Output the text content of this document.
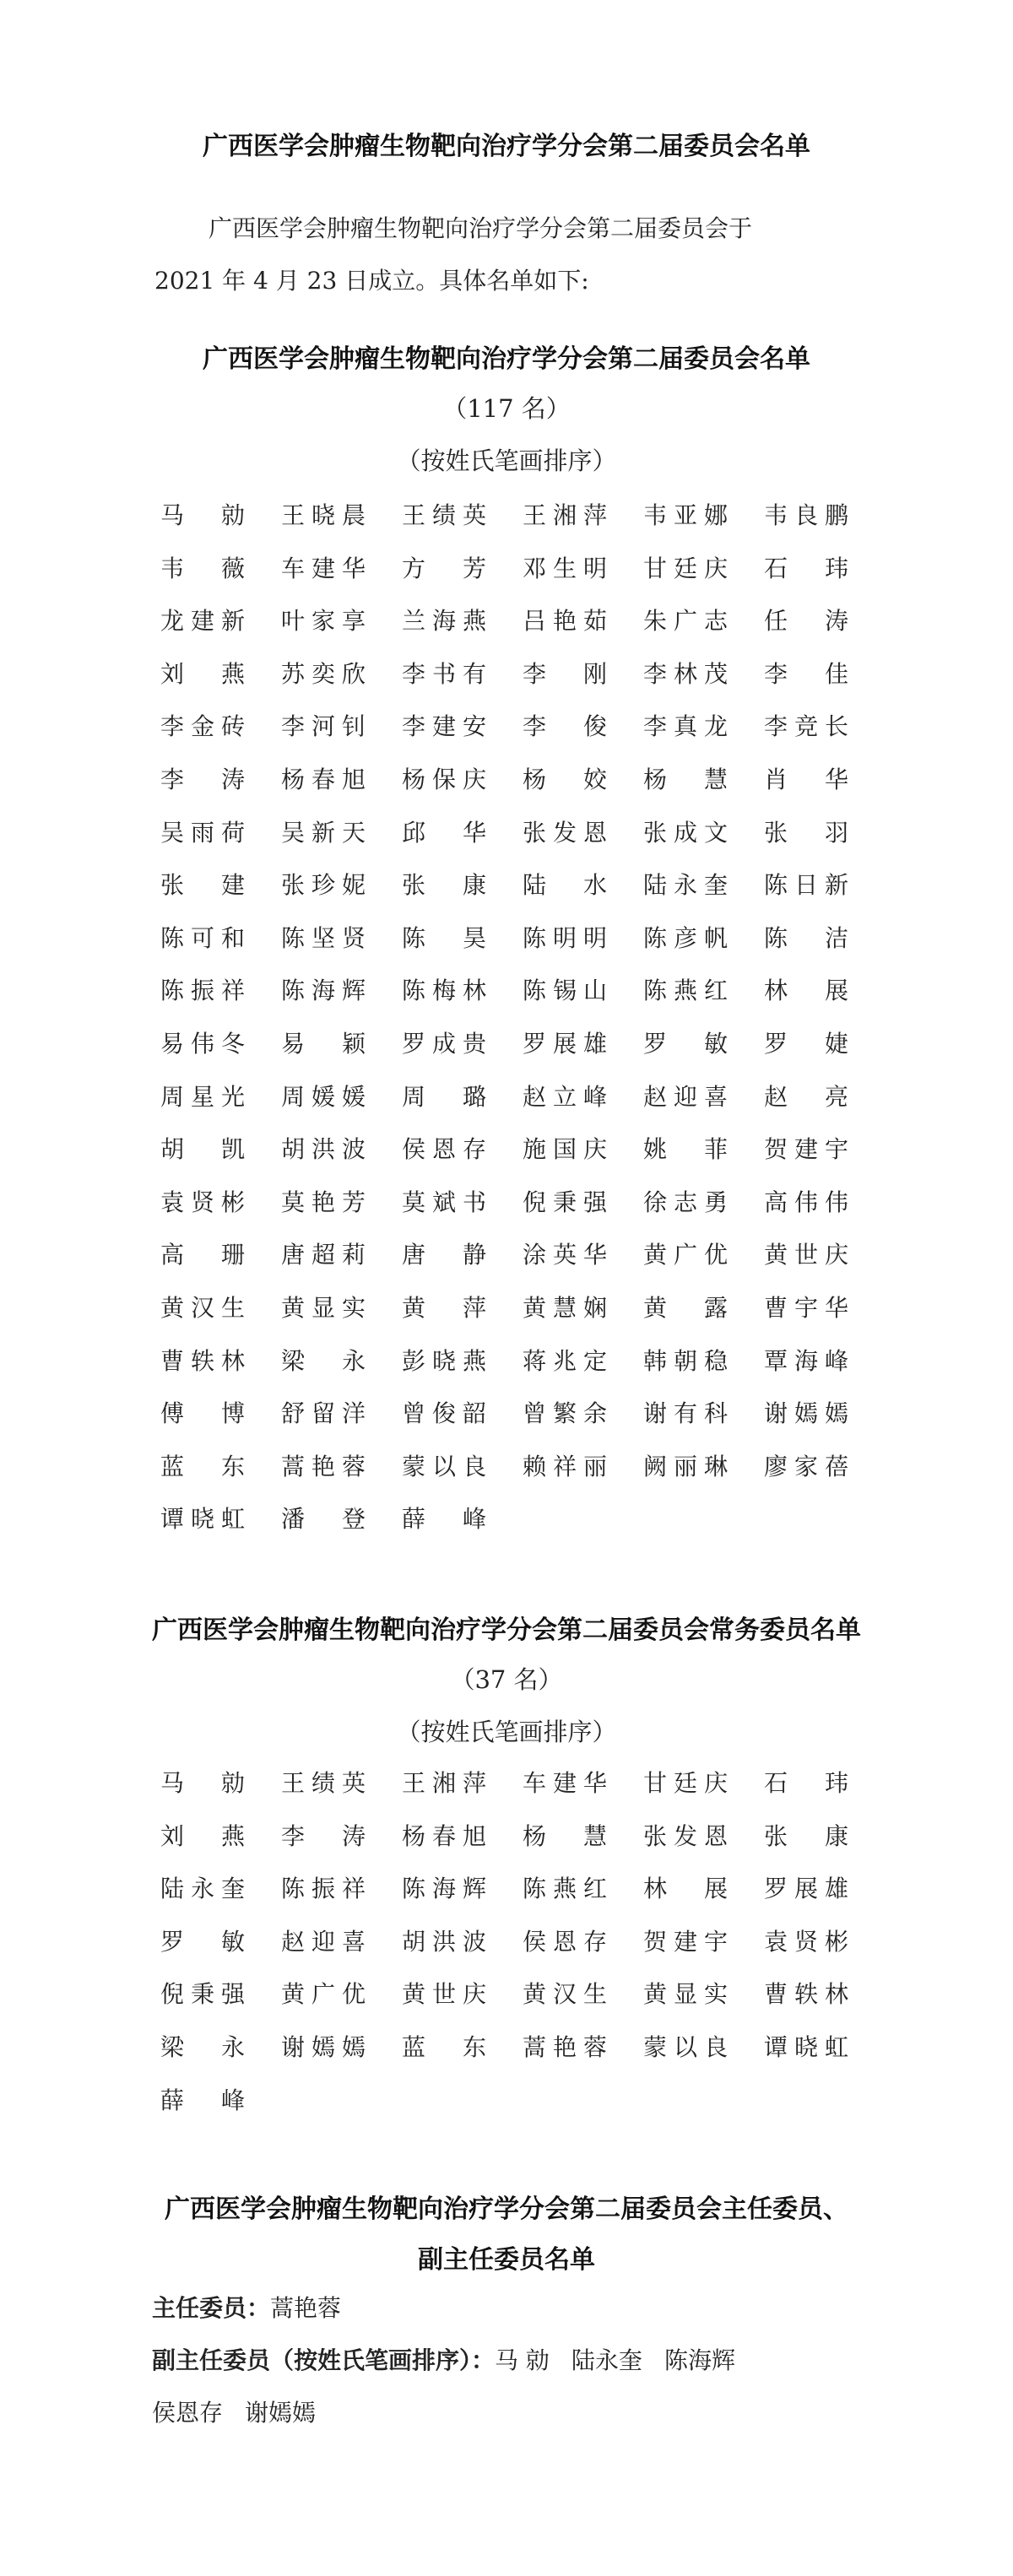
广西医学会肿瘤生物靶向治疗学分会第二届委员会名单
广西医学会肿瘤生物靶向治疗学分会第二届委员会于
2021 年 4 月 23 日成立。具体名单如下:
广西医学会肿瘤生物靶向治疗学分会第二届委员会名单
（117 名）
（按姓氏笔画排序）
马 勍 王晓晨 王绩英 王湘萍 韦亚娜 韦良鹏
韦 薇 车建华 方 芳 邓生明 甘廷庆 石 玮
龙建新 叶家享 兰海燕 吕艳茹 朱广志 任 涛
刘 燕 苏奕欣 李书有 李 刚 李林茂 李 佳
李金砖 李河钊 李建安 李 俊 李真龙 李竞长
李 涛 杨春旭 杨保庆 杨 姣 杨 慧 肖 华
吴雨荷 吴新天 邱 华 张发恩 张成文 张 羽
张 建 张珍妮 张 康 陆 水 陆永奎 陈日新
陈可和 陈坚贤 陈 昊 陈明明 陈彦帆 陈 洁
陈振祥 陈海辉 陈梅林 陈锡山 陈燕红 林 展
易伟冬 易 颖 罗成贵 罗展雄 罗 敏 罗 婕
周星光 周媛媛 周 璐 赵立峰 赵迎喜 赵 亮
胡 凯 胡洪波 侯恩存 施国庆 姚 菲 贺建宇
袁贤彬 莫艳芳 莫斌书 倪秉强 徐志勇 高伟伟
高 珊 唐超莉 唐 静 涂英华 黄广优 黄世庆
黄汉生 黄显实 黄 萍 黄慧娴 黄 露 曹宇华
曹轶林 梁 永 彭晓燕 蒋兆定 韩朝稳 覃海峰
傅 博 舒留洋 曾俊韶 曾繁余 谢有科 谢嫣嫣
蓝 东 蒿艳蓉 蒙以良 赖祥丽 阙丽琳 廖家蓓
谭晓虹 潘 登 薛 峰
广西医学会肿瘤生物靶向治疗学分会第二届委员会常务委员名单
（37 名）
（按姓氏笔画排序）
马 勍 王绩英 王湘萍 车建华 甘廷庆 石 玮
刘 燕 李 涛 杨春旭 杨 慧 张发恩 张 康
陆永奎 陈振祥 陈海辉 陈燕红 林 展 罗展雄
罗 敏 赵迎喜 胡洪波 侯恩存 贺建宇 袁贤彬
倪秉强 黄广优 黄世庆 黄汉生 黄显实 曹轶林
梁 永 谢嫣嫣 蓝 东 蒿艳蓉 蒙以良 谭晓虹
薛 峰
广西医学会肿瘤生物靶向治疗学分会第二届委员会主任委员、
副主任委员名单
主任委员：蒿艳蓉
副主任委员（按姓氏笔画排序）：马 勍 陆永奎 陈海辉
侯恩存 谢嫣嫣
